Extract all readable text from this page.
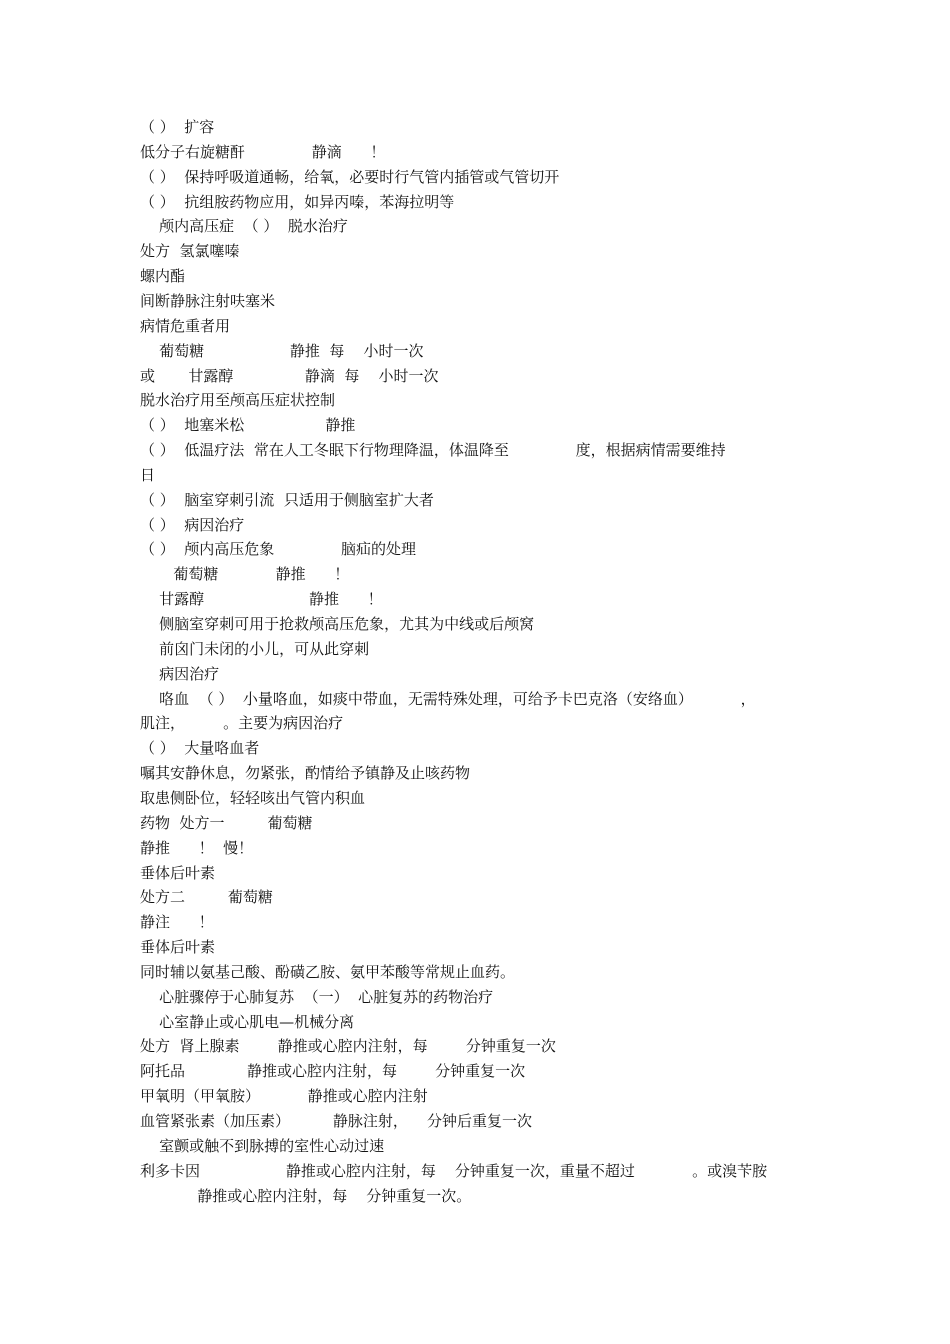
（ ）  扩容
低分子右旋糖酐              静滴      ！
（ ）  保持呼吸道通畅，给氧，必要时行气管内插管或气管切开
（ ）  抗组胺药物应用，如异丙嗪，苯海拉明等
颅内高压症  （ ）  脱水治疗
处方  氢氯噻嗪
螺内酯
间断静脉注射呋塞米
病情危重者用
葡萄糖                  静推  每    小时一次
或       甘露醇               静滴  每    小时一次
脱水治疗用至颅高压症状控制
（ ）  地塞米松                 静推
（ ）  低温疗法  常在人工冬眠下行物理降温，体温降至              度，根据病情需要维持
日
（ ）  脑室穿刺引流  只适用于侧脑室扩大者
（ ）  病因治疗
（ ）  颅内高压危象              脑疝的处理
葡萄糖            静推      ！
甘露醇                      静推      ！
侧脑室穿刺可用于抢救颅高压危象，尤其为中线或后颅窝
前囟门未闭的小儿，可从此穿刺
病因治疗
咯血  （ ）  小量咯血，如痰中带血，无需特殊处理，可给予卡巴克洛（安络血）          ，
肌注，        。主要为病因治疗
（ ）  大量咯血者
嘱其安静休息，勿紧张，酌情给予镇静及止咳药物
取患侧卧位，轻轻咳出气管内积血
药物  处方一         葡萄糖
静推      ！  慢！
垂体后叶素
处方二         葡萄糖
静注      ！
垂体后叶素
同时辅以氨基己酸、酚磺乙胺、氨甲苯酸等常规止血药。
心脏骤停于心肺复苏  （一）  心脏复苏的药物治疗
心室静止或心肌电—机械分离
处方  肾上腺素        静推或心腔内注射，每        分钟重复一次
阿托品             静推或心腔内注射，每        分钟重复一次
甲氧明（甲氧胺）          静推或心腔内注射
血管紧张素（加压素）         静脉注射，    分钟后重复一次
室颤或触不到脉搏的室性心动过速
利多卡因                  静推或心腔内注射，每    分钟重复一次，重量不超过            。或溴苄胺
静推或心腔内注射，每    分钟重复一次。
